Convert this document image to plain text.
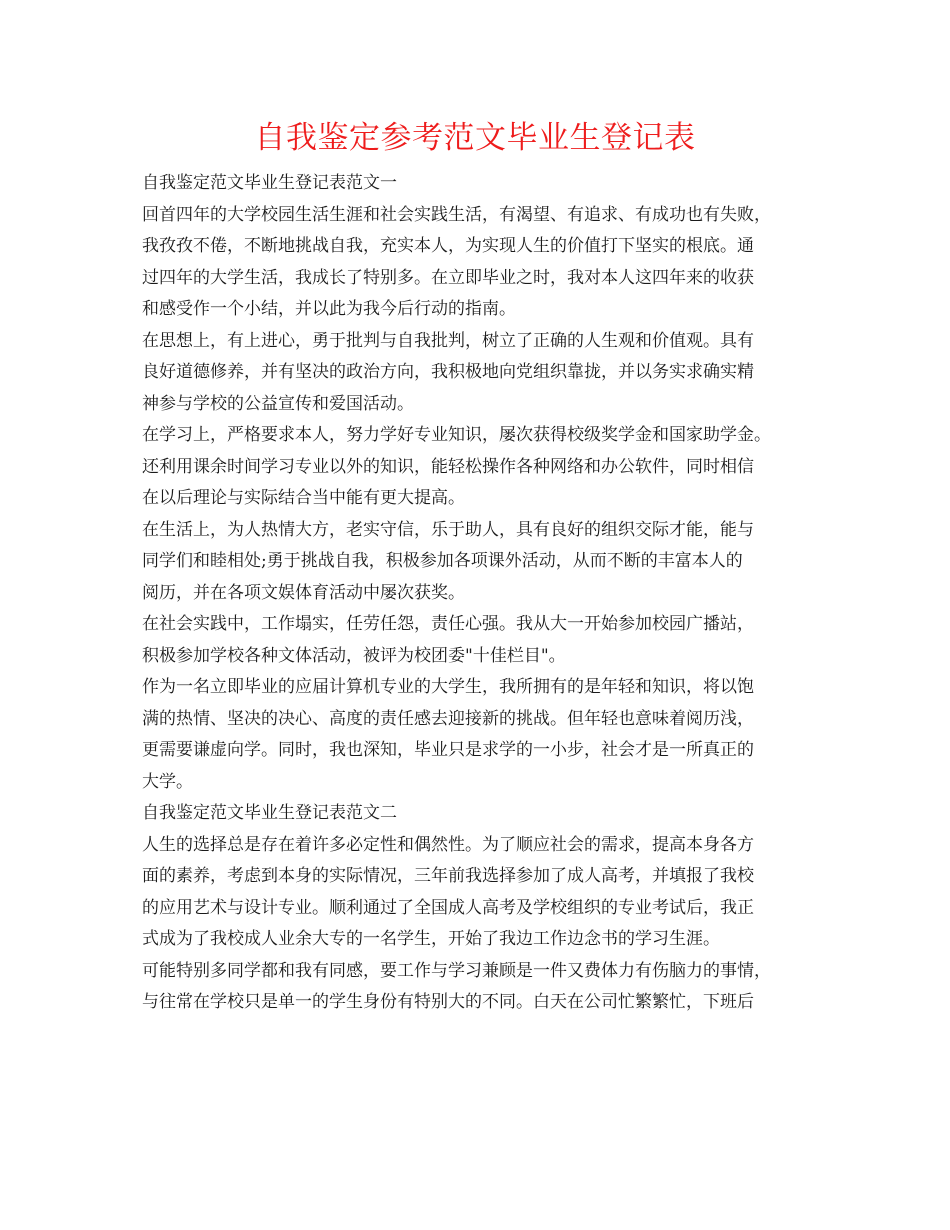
自我鉴定参考范文毕业生登记表
自我鉴定范文毕业生登记表范文一
回首四年的大学校园生活生涯和社会实践生活，有渴望、有追求、有成功也有失败，
我孜孜不倦，不断地挑战自我，充实本人，为实现人生的价值打下坚实的根底。通
过四年的大学生活，我成长了特别多。在立即毕业之时，我对本人这四年来的收获
和感受作一个小结，并以此为我今后行动的指南。
在思想上，有上进心，勇于批判与自我批判，树立了正确的人生观和价值观。具有
良好道德修养，并有坚决的政治方向，我积极地向党组织靠拢，并以务实求确实精
神参与学校的公益宣传和爱国活动。
在学习上，严格要求本人，努力学好专业知识，屡次获得校级奖学金和国家助学金。
还利用课余时间学习专业以外的知识，能轻松操作各种网络和办公软件，同时相信
在以后理论与实际结合当中能有更大提高。
在生活上，为人热情大方，老实守信，乐于助人，具有良好的组织交际才能，能与
同学们和睦相处;勇于挑战自我，积极参加各项课外活动，从而不断的丰富本人的
阅历，并在各项文娱体育活动中屡次获奖。
在社会实践中，工作塌实，任劳任怨，责任心强。我从大一开始参加校园广播站，
积极参加学校各种文体活动，被评为校团委"十佳栏目"。
作为一名立即毕业的应届计算机专业的大学生，我所拥有的是年轻和知识，将以饱
满的热情、坚决的决心、高度的责任感去迎接新的挑战。但年轻也意味着阅历浅，
更需要谦虚向学。同时，我也深知，毕业只是求学的一小步，社会才是一所真正的
大学。
自我鉴定范文毕业生登记表范文二
人生的选择总是存在着许多必定性和偶然性。为了顺应社会的需求，提高本身各方
面的素养，考虑到本身的实际情况，三年前我选择参加了成人高考，并填报了我校
的应用艺术与设计专业。顺利通过了全国成人高考及学校组织的专业考试后，我正
式成为了我校成人业余大专的一名学生，开始了我边工作边念书的学习生涯。
可能特别多同学都和我有同感，要工作与学习兼顾是一件又费体力有伤脑力的事情，
与往常在学校只是单一的学生身份有特别大的不同。白天在公司忙繁繁忙，下班后
